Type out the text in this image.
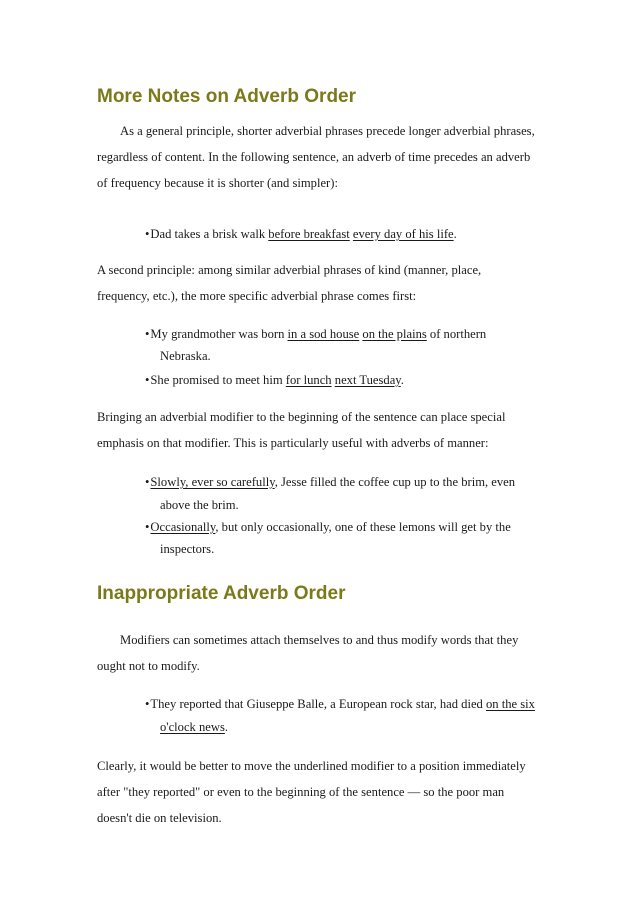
More Notes on Adverb Order
Inappropriate Adverb Order
As a general principle, shorter adverbial phrases precede longer adverbial phrases,
regardless of content. In the following sentence, an adverb of time precedes an adverb
of frequency because it is shorter (and simpler):
•Dad takes a brisk walk before breakfast every day of his life.
A second principle: among similar adverbial phrases of kind (manner, place,
frequency, etc.), the more specific adverbial phrase comes first:
•My grandmother was born in a sod house on the plains of northern
Nebraska.
•She promised to meet him for lunch next Tuesday.
Bringing an adverbial modifier to the beginning of the sentence can place special
emphasis on that modifier. This is particularly useful with adverbs of manner:
•Slowly, ever so carefully, Jesse filled the coffee cup up to the brim, even
above the brim.
•Occasionally, but only occasionally, one of these lemons will get by the
inspectors.
Modifiers can sometimes attach themselves to and thus modify words that they
ought not to modify.
•They reported that Giuseppe Balle, a European rock star, had died on the six
o'clock news.
Clearly, it would be better to move the underlined modifier to a position immediately
after "they reported" or even to the beginning of the sentence — so the poor man
doesn't die on television.
